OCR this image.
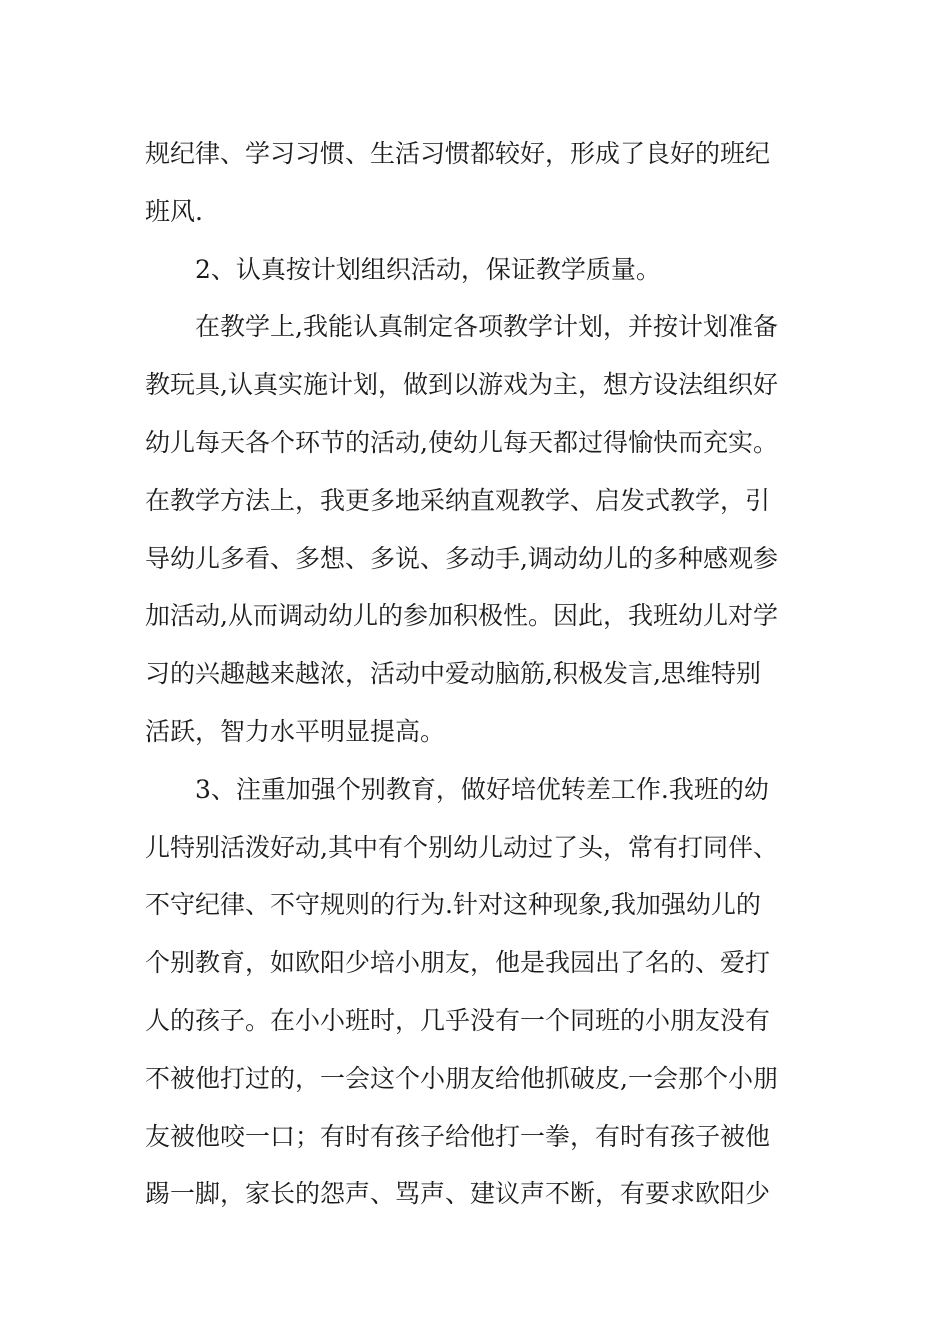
规纪律、学习习惯、生活习惯都较好，形成了良好的班纪
班风.
2、认真按计划组织活动，保证教学质量。
在教学上,我能认真制定各项教学计划，并按计划准备
教玩具,认真实施计划，做到以游戏为主，想方设法组织好
幼儿每天各个环节的活动,使幼儿每天都过得愉快而充实。
在教学方法上，我更多地采纳直观教学、启发式教学，引
导幼儿多看、多想、多说、多动手,调动幼儿的多种感观参
加活动,从而调动幼儿的参加积极性。因此，我班幼儿对学
习的兴趣越来越浓，活动中爱动脑筋,积极发言,思维特别
活跃，智力水平明显提高。
3、注重加强个别教育，做好培优转差工作.我班的幼
儿特别活泼好动,其中有个别幼儿动过了头，常有打同伴、
不守纪律、不守规则的行为.针对这种现象,我加强幼儿的
个别教育，如欧阳少培小朋友，他是我园出了名的、爱打
人的孩子。在小小班时，几乎没有一个同班的小朋友没有
不被他打过的，一会这个小朋友给他抓破皮,一会那个小朋
友被他咬一口；有时有孩子给他打一拳，有时有孩子被他
踢一脚，家长的怨声、骂声、建议声不断，有要求欧阳少
